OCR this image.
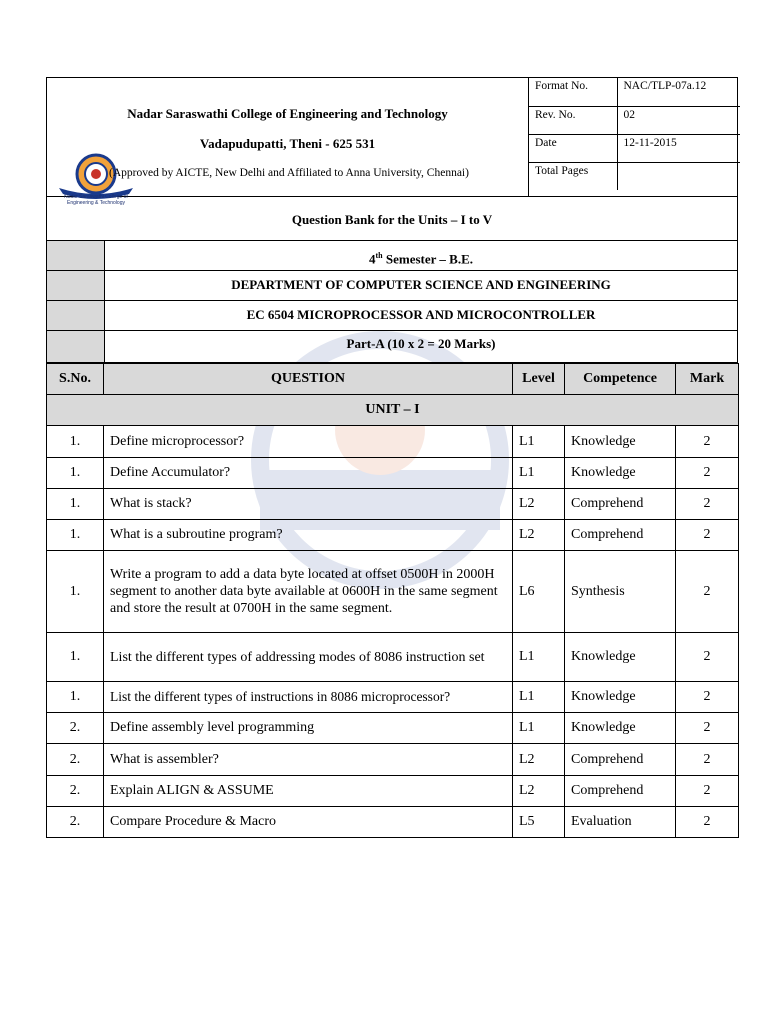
Nadar Saraswathi College of Engineering and Technology
Vadapudupatti, Theni - 625 531
Nadar Saraswathi College of
Engineering & Technology
(Approved by AICTE, New Delhi and Affiliated to Anna University, Chennai)
Format No.	NAC/TLP-07a.12
Rev. No.	02
Date	12-11-2015
Total Pages	
Question Bank for the Units – I to V
4th Semester – B.E.
DEPARTMENT OF COMPUTER SCIENCE AND ENGINEERING
EC 6504 MICROPROCESSOR AND MICROCONTROLLER
Part-A (10 x 2 = 20 Marks)
S.No.	QUESTION	Level	Competence	Mark
UNIT – I				
1.	Define microprocessor?	L1	Knowledge	2
1.	Define Accumulator?	L1	Knowledge	2
1.	What is stack?	L2	Comprehend	2
1.	What is a subroutine program?	L2	Comprehend	2
1.	Write a program to add a data byte located at offset 0500H in 2000H segment to another data byte available at 0600H in the same segment and store the result at 0700H in the same segment.	L6	Synthesis	2
1.	List the different types of addressing modes of 8086 instruction set	L1	Knowledge	2
1.	List the different types of instructions in 8086 microprocessor?	L1	Knowledge	2
2.	Define assembly level programming	L1	Knowledge	2
2.	What is assembler?	L2	Comprehend	2
2.	Explain ALIGN & ASSUME	L2	Comprehend	2
2.	Compare Procedure & Macro	L5	Evaluation	2
